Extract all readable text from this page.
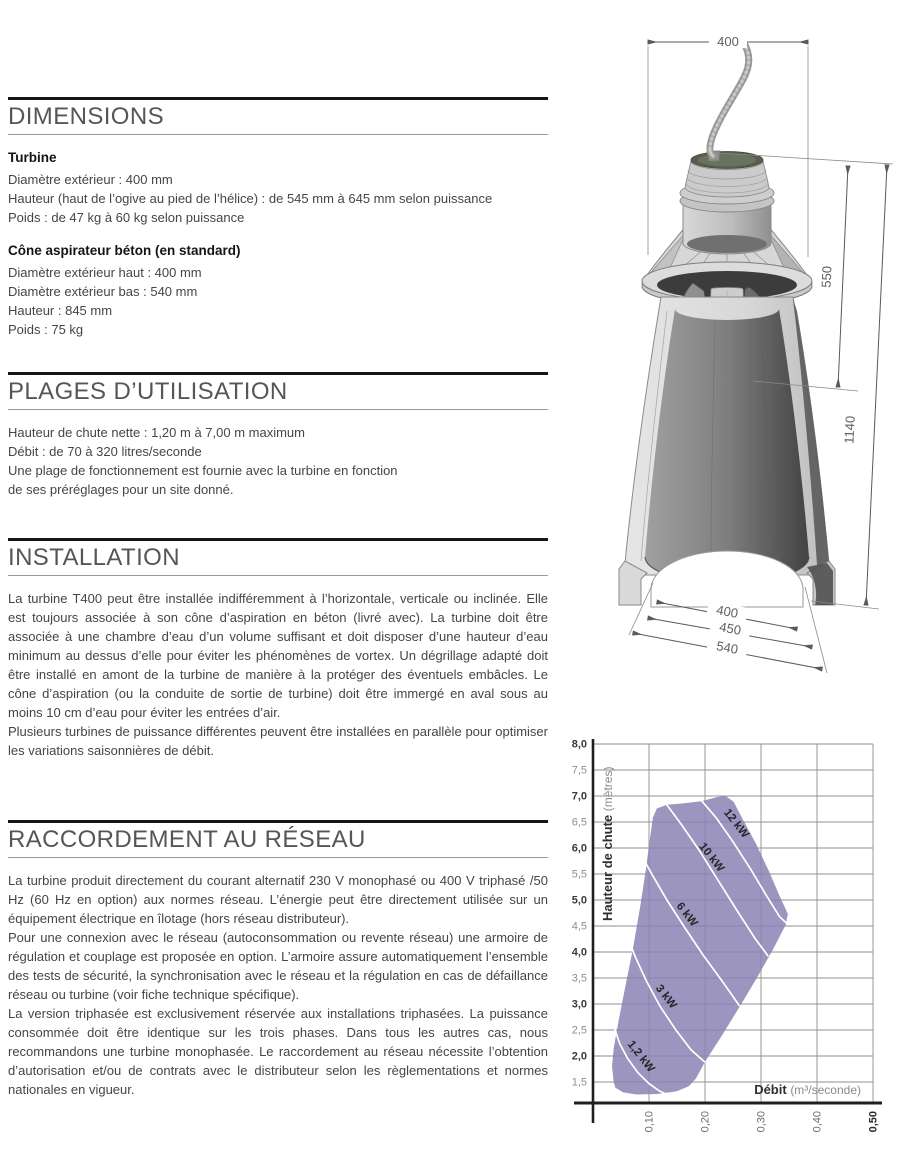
DIMENSIONS

Turbine

Diamètre extérieur : 400 mm
Hauteur (haut de l’ogive au pied de l’hélice) : de 545 mm à 645 mm selon puissance
Poids : de 47 kg à 60 kg selon puissance

Cône aspirateur béton (en standard)

Diamètre extérieur haut : 400 mm
Diamètre extérieur bas : 540 mm
Hauteur : 845 mm
Poids : 75 kg
PLAGES D’UTILISATION
Hauteur de chute nette : 1,20 m à 7,00 m maximum
Débit : de 70 à 320 litres/seconde
Une plage de fonctionnement est fournie avec la turbine en fonction
de ses préréglages pour un site donné.
INSTALLATION

La turbine T400 peut être installée indifféremment à l’horizontale, verticale ou inclinée. Elle est toujours associée à son cône d’aspiration en béton (livré avec). La turbine doit être associée à une chambre d’eau d’un volume suffisant et doit disposer d’une hauteur d’eau minimum au dessus d’elle pour éviter les phénomènes de vortex. Un dégrillage adapté doit être installé en amont de la turbine de manière à la protéger des éventuels embâcles. Le cône d’aspiration (ou la conduite de sortie de turbine) doit être immergé en aval sous au moins 10 cm d’eau pour éviter les entrées d’air.

Plusieurs turbines de puissance différentes peuvent être installées en parallèle pour optimiser les variations saisonnières de débit.

RACCORDEMENT AU RÉSEAU

La turbine produit directement du courant alternatif 230 V monophasé ou 400 V triphasé /50 Hz (60 Hz en option) aux normes réseau. L’énergie peut être directement utilisée sur un équipement électrique en îlotage (hors réseau distributeur).

Pour une connexion avec le réseau (autoconsommation ou revente réseau) une armoire de régulation et couplage est proposée en option. L’armoire assure automatiquement l’ensemble des tests de sécurité, la synchronisation avec le réseau et la régulation en cas de défaillance réseau ou turbine (voir fiche technique spécifique).

La version triphasée est exclusivement réservée aux installations triphasées. La puissance consommée doit être identique sur les trois phases. Dans tous les autres cas, nous recommandons une turbine monophasée. Le raccordement au réseau nécessite l’obtention d’autorisation et/ou de contrats avec le distributeur selon les règlementations et normes nationales en vigueur.

400
550
1140
400
450
540
1,2 kW
3 kW
6 kW
10 kW
12 kW
1,5
2,0
2,5
3,0
3,5
4,0
4,5
5,0
5,5
6,0
6,5
7,0
7,5
8,0
0,10	0,20	0,30	0,40	0,50
Débit (m³/seconde)
Hauteur de chute (mètres)
